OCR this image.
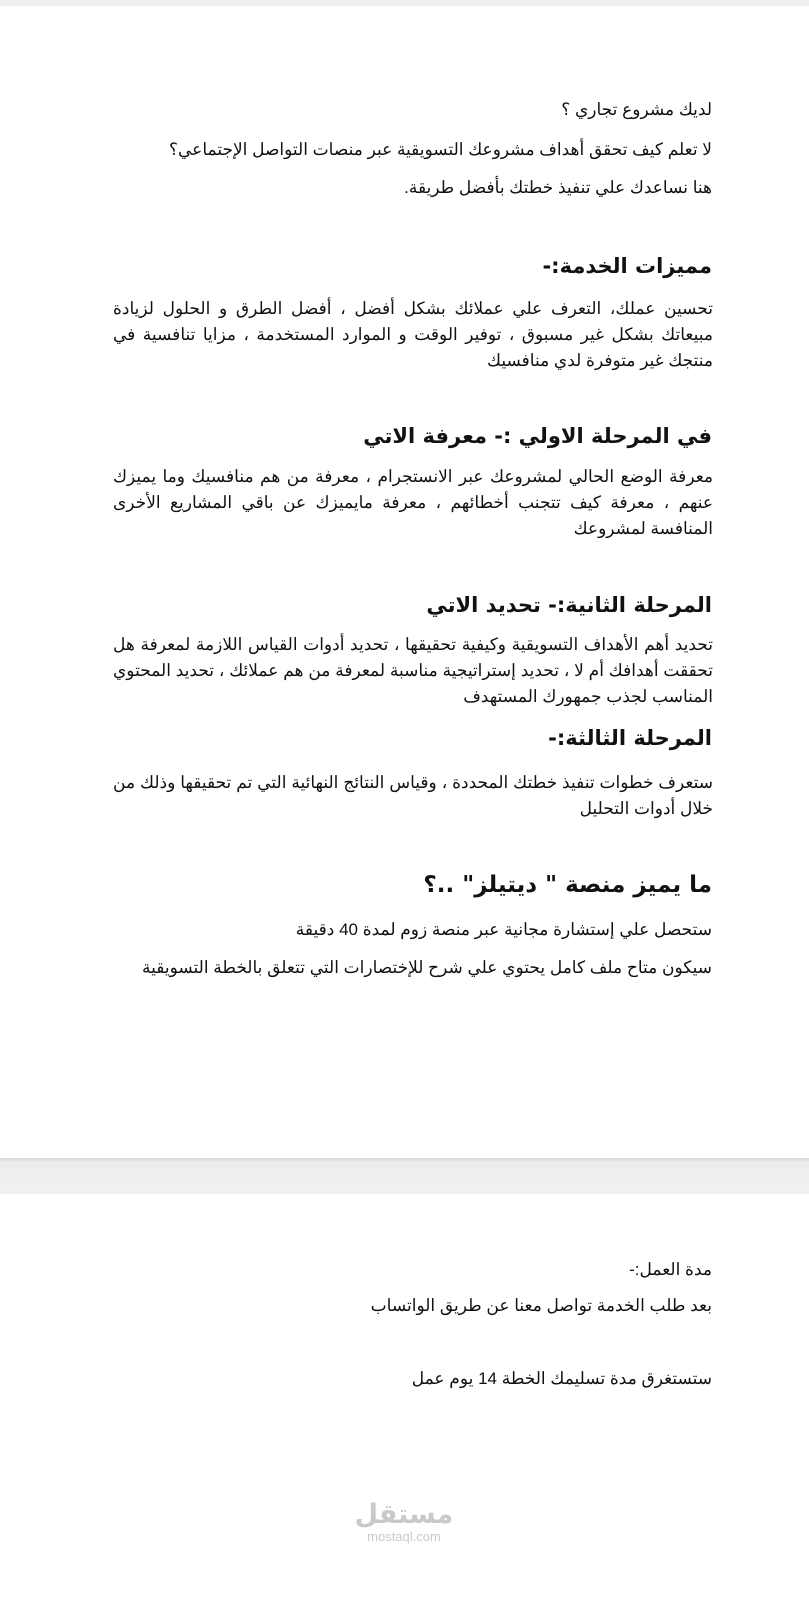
لديك مشروع تجاري ؟

لا تعلم كيف تحقق أهداف مشروعك التسويقية عبر منصات التواصل الإجتماعي؟

هنا نساعدك علي تنفيذ خطتك بأفضل طريقة.

مميزات الخدمة:-

تحسين عملك، التعرف علي عملائك بشكل أفضل ، أفضل الطرق و الحلول لزيادة مبيعاتك بشكل غير مسبوق ، توفير الوقت و الموارد المستخدمة ، مزايا تنافسية في منتجك غير متوفرة لدي منافسيك

في المرحلة الاولي :- معرفة الاتي

معرفة الوضع الحالي لمشروعك عبر الانستجرام ، معرفة من هم منافسيك وما يميزك عنهم ، معرفة كيف تتجنب أخطائهم ، معرفة مايميزك عن باقي المشاريع الأخرى المنافسة لمشروعك

المرحلة الثانية:- تحديد الاتي

تحديد أهم الأهداف التسويقية وكيفية تحقيقها ، تحديد أدوات القياس اللازمة لمعرفة هل تحققت أهدافك أم لا ، تحديد إستراتيجية مناسبة لمعرفة من هم عملائك ، تحديد المحتوي المناسب لجذب جمهورك المستهدف

المرحلة الثالثة:-

ستعرف خطوات تنفيذ خطتك المحددة ، وقياس النتائج النهائية التي تم تحقيقها وذلك من خلال أدوات التحليل

ما يميز منصة " ديتيلز" ..؟

ستحصل علي إستشارة مجانية عبر منصة زوم لمدة 40 دقيقة

سيكون متاح ملف كامل يحتوي علي شرح للإختصارات التي تتعلق بالخطة التسويقية

مدة العمل:-

بعد طلب الخدمة تواصل معنا عن طريق الواتساب

ستستغرق مدة تسليمك الخطة 14 يوم عمل

مستقل
mostaql.com
